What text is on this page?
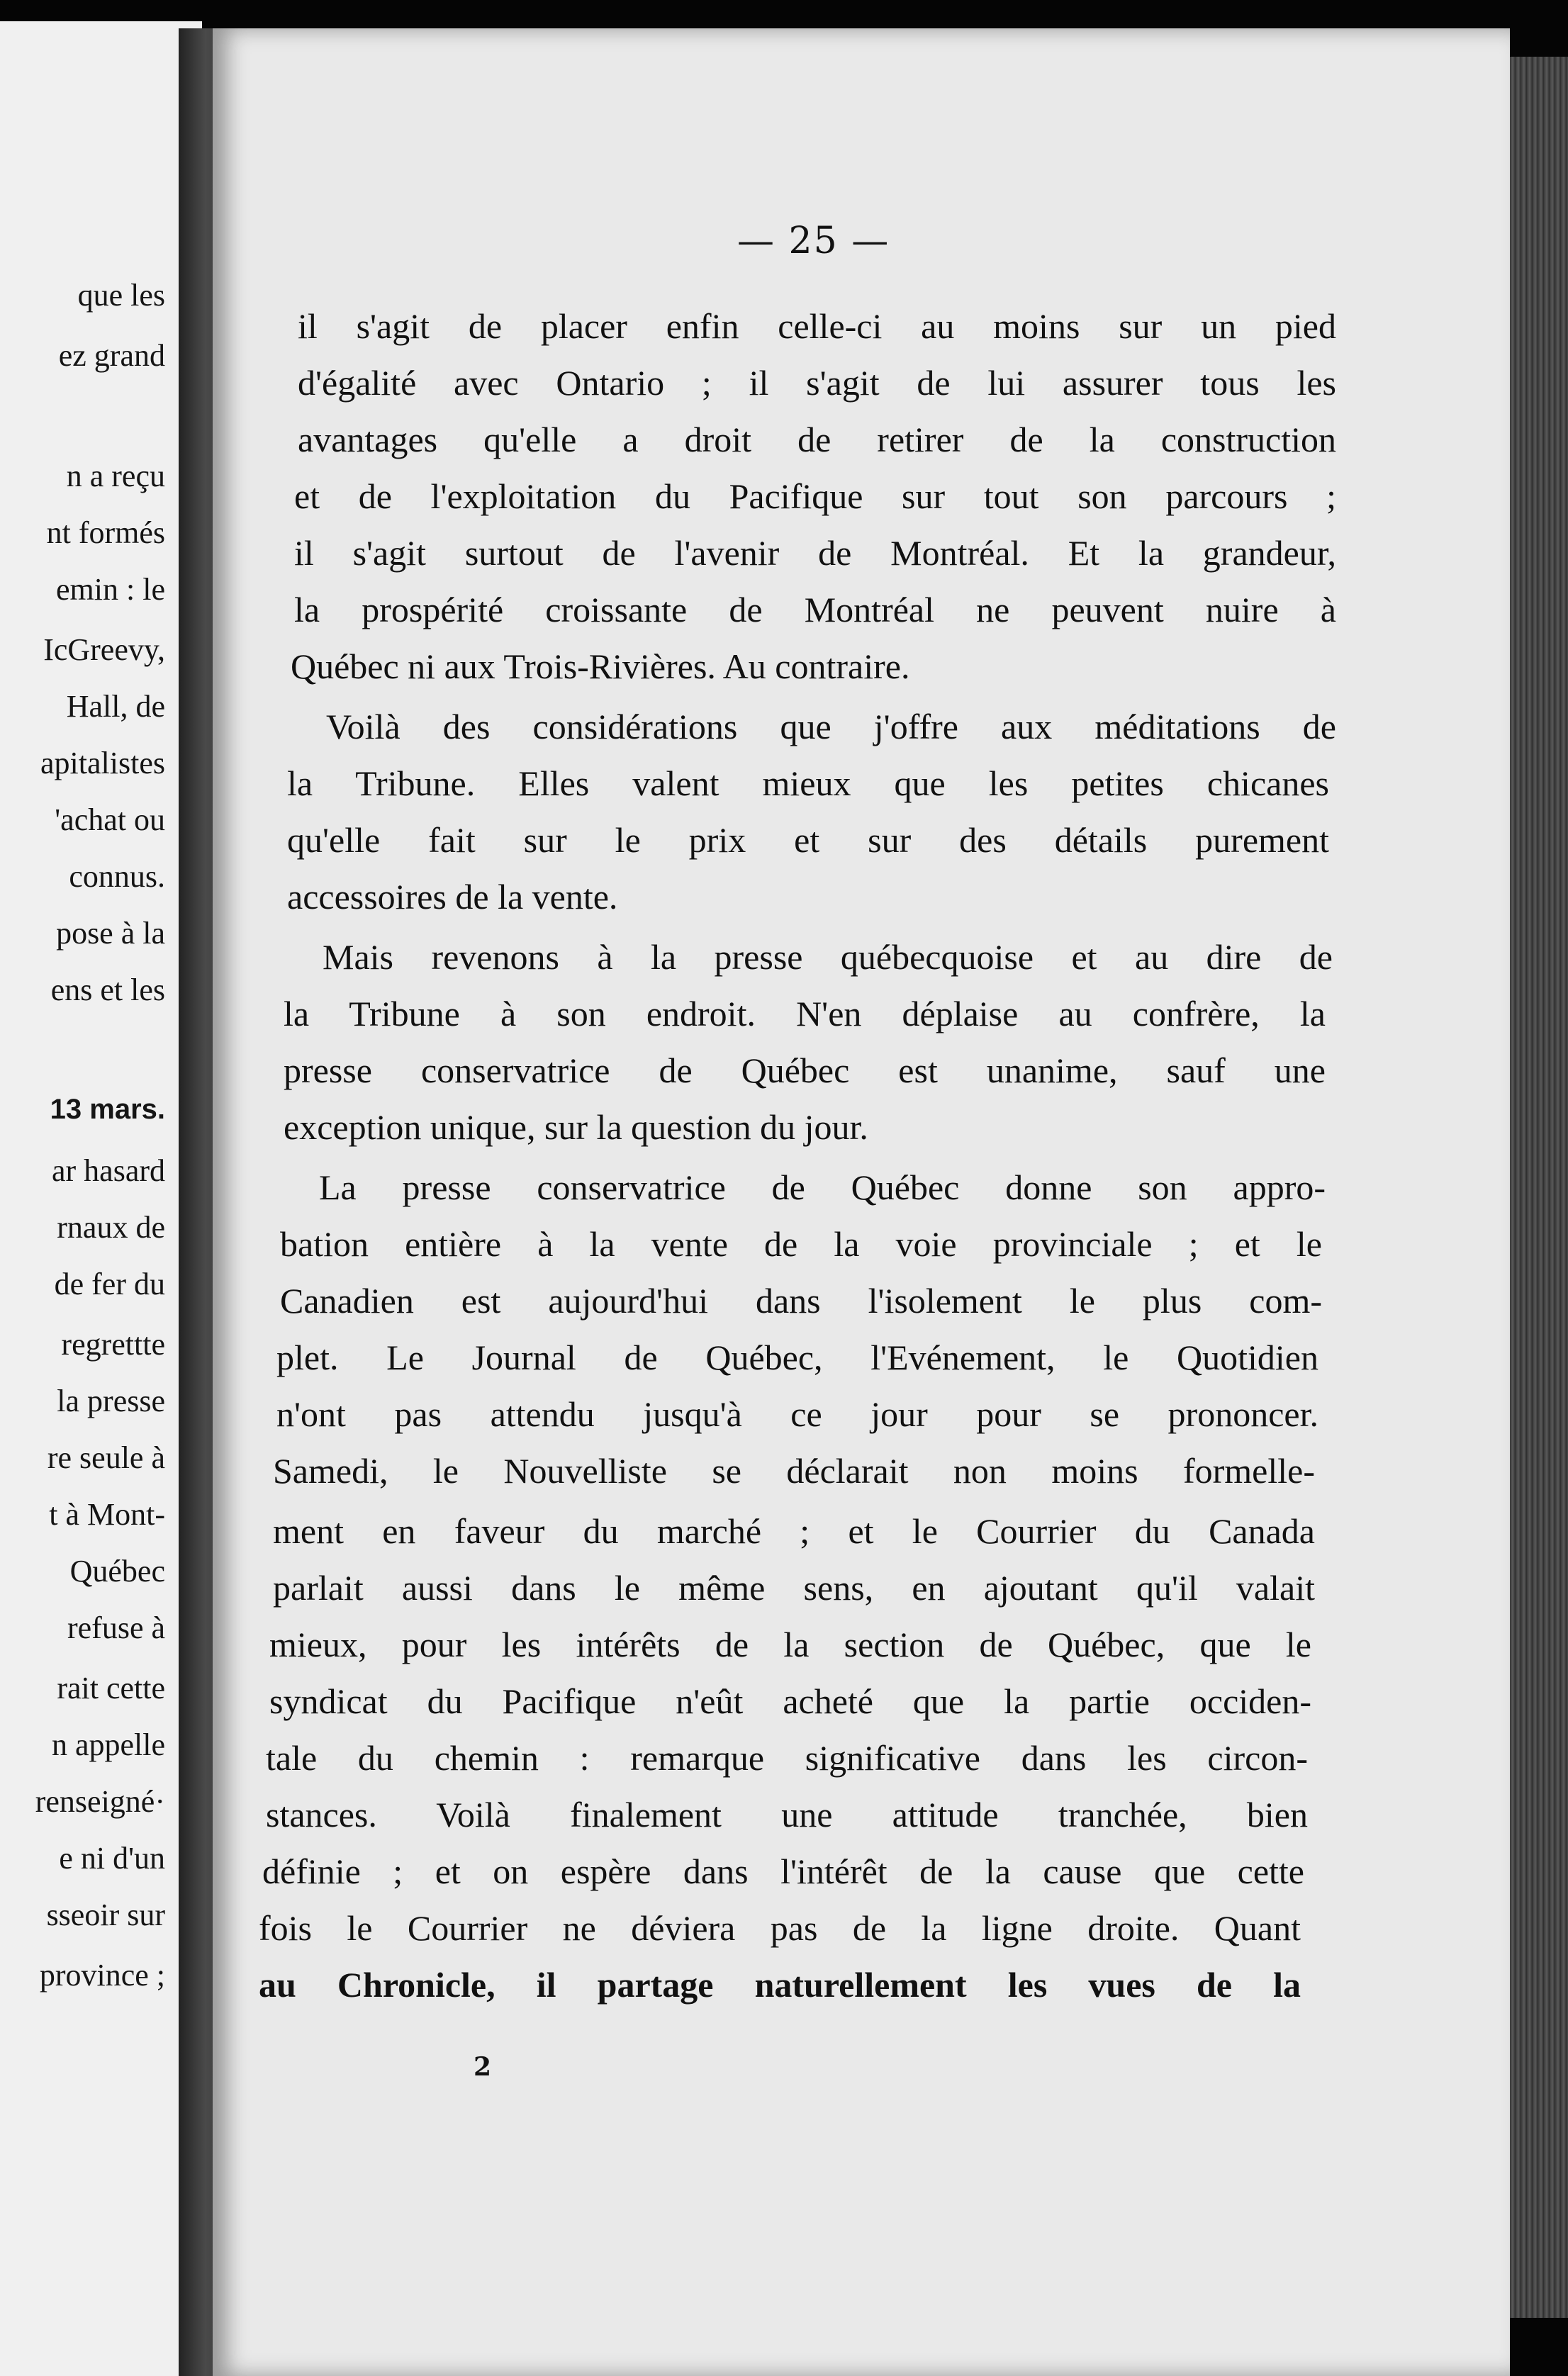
que les
ez grand
n a reçu
nt formés
emin : le
IcGreevy,
Hall, de
apitalistes
'achat ou
connus.
pose à la
ens et les
13 mars.
ar hasard
rnaux de
de fer du
regrettte
la presse
re seule à
t à Mont-
Québec
refuse à
rait cette
n appelle
renseigné·
e ni d'un
sseoir sur
province ;
— 25 —
il s'agit de placer enfin celle-ci au moins sur un pied
d'égalité avec Ontario ; il s'agit de lui assurer tous les
avantages qu'elle a droit de retirer de la construction
et de l'exploitation du Pacifique sur tout son parcours ;
il s'agit surtout de l'avenir de Montréal. Et la grandeur,
la prospérité croissante de Montréal ne peuvent nuire à
Québec ni aux Trois-Rivières. Au contraire.
Voilà des considérations que j'offre aux méditations de
la Tribune. Elles valent mieux que les petites chicanes
qu'elle fait sur le prix et sur des détails purement
accessoires de la vente.
Mais revenons à la presse québecquoise et au dire de
la Tribune à son endroit. N'en déplaise au confrère, la
presse conservatrice de Québec est unanime, sauf une
exception unique, sur la question du jour.
La presse conservatrice de Québec donne son appro-
bation entière à la vente de la voie provinciale ; et le
Canadien est aujourd'hui dans l'isolement le plus com-
plet. Le Journal de Québec, l'Evénement, le Quotidien
n'ont pas attendu jusqu'à ce jour pour se prononcer.
Samedi, le Nouvelliste se déclarait non moins formelle-
ment en faveur du marché ; et le Courrier du Canada
parlait aussi dans le même sens, en ajoutant qu'il valait
mieux, pour les intérêts de la section de Québec, que le
syndicat du Pacifique n'eût acheté que la partie occiden-
tale du chemin : remarque significative dans les circon-
stances. Voilà finalement une attitude tranchée, bien
définie ; et on espère dans l'intérêt de la cause que cette
fois le Courrier ne déviera pas de la ligne droite. Quant
au Chronicle, il partage naturellement les vues de la
2
